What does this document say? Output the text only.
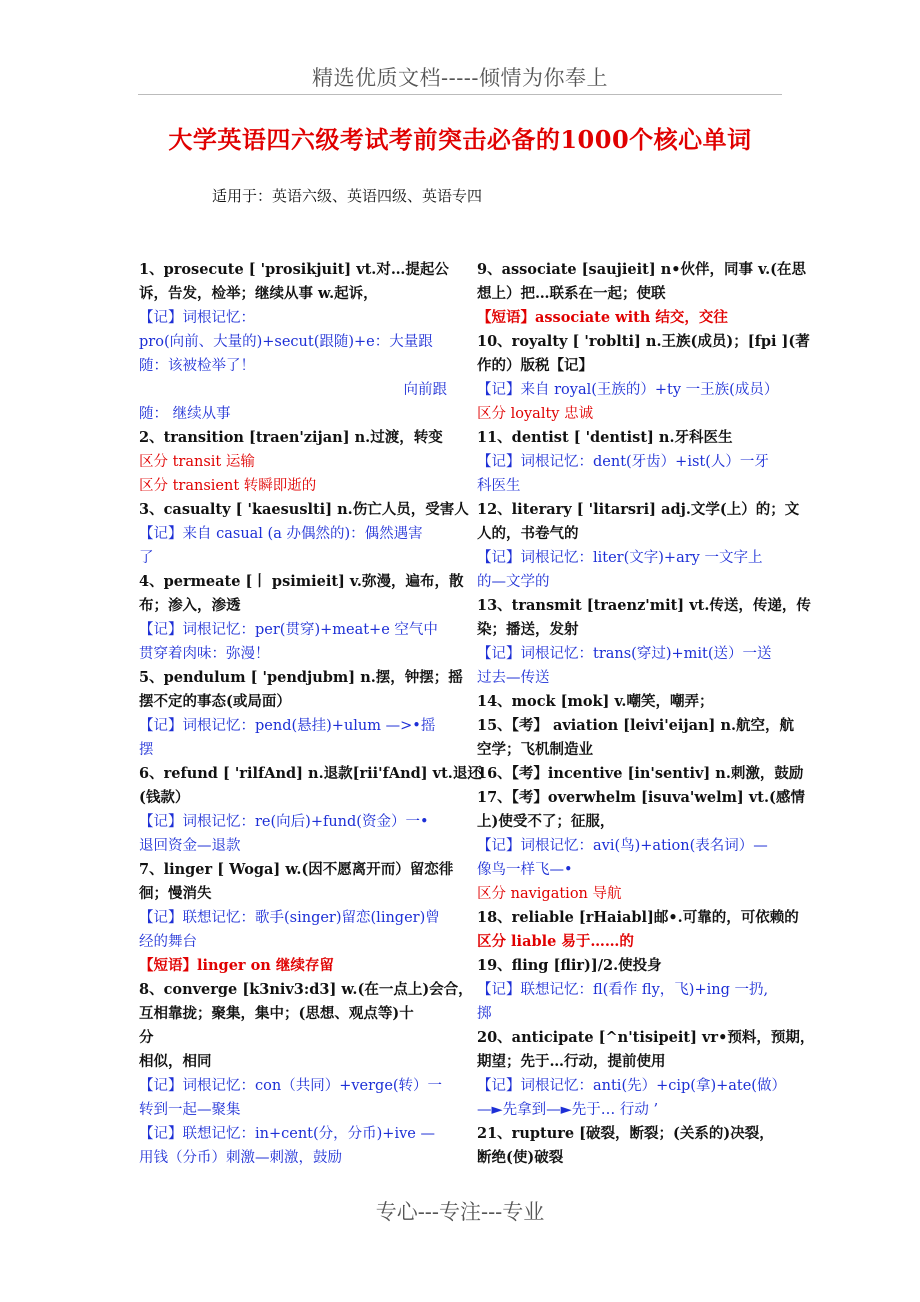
精选优质文档-----倾情为你奉上
大学英语四六级考试考前突击必备的1000个核心单词
适用于：英语六级、英语四级、英语专四
1、prosecute [ 'prosikjuit] vt.对…提起公
诉，告发，检举；继续从事 w.起诉，
【记】词根记忆：
pro(向前、大量的)+secut(跟随)+e：大量跟
随：该被检举了！
向前跟
随： 继续从事
2、transition [traen'zijan] n.过渡，转变
区分 transit 运输
区分 transient 转瞬即逝的
3、casualty [ 'kaesuslti] n.伤亡人员，受害人
【记】来自 casual (a 办偶然的)：偶然遇害
了
4、permeate [丨 psimieit] v.弥漫，遍布，散
布；渗入，渗透
【记】词根记忆：per(贯穿)+meat+e 空气中
贯穿着肉味：弥漫！
5、pendulum [ 'pendjubm] n.摆，钟摆；摇
摆不定的事态(或局面）
【记】词根记忆：pend(悬挂)+ulum —>•摇
摆
6、refund [ 'rilfAnd] n.退款[rii'fAnd] vt.退还
(钱款）
【记】词根记忆：re(向后)+fund(资金）一•
退回资金—退款
7、linger [ Woga] w.(因不愿离开而）留恋徘
徊；慢消失
【记】联想记忆：歌手(singer)留恋(linger)曾
经的舞台
【短语】linger on 继续存留
8、converge [k3niv3:d3] w.(在一点上)会合，
互相靠拢；聚集，集中；(思想、观点等)十
分
相似，相同
【记】词根记忆：con（共同）+verge(转）一
转到一起—聚集
【记】联想记忆：in+cent(分，分币)+ive —
用钱（分币）刺激—刺激，鼓励
9、associate [saujieit] n•伙伴，同事 v.(在思
想上）把…联系在一起；使联
【短语】associate with 结交，交往
10、royalty [ 'roblti] n.王族(成员)；[fpi ](著
作的）版税【记】
【记】来自 royal(王族的）+ty 一王族(成员）
区分 loyalty 忠诚
11、dentist [ 'dentist] n.牙科医生
【记】词根记忆：dent(牙齿）+ist(人）一牙
科医生
12、literary [ 'litarsri] adj.文学(上）的；文
人的，书卷气的
【记】词根记忆：liter(文字)+ary 一文字上
的—文学的
13、transmit [traenz'mit] vt.传送，传递，传
染；播送，发射
【记】词根记忆：trans(穿过)+mit(送）一送
过去—传送
14、mock [mok] v.嘲笑，嘲弄；
15、【考】 aviation [leivi'eijan] n.航空，航
空学；飞机制造业
16、【考】incentive [in'sentiv] n.刺激，鼓励
17、【考】overwhelm [isuva'welm] vt.(感情
上)使受不了；征服，
【记】词根记忆：avi(鸟)+ation(表名词）—
像鸟一样飞—•
区分 navigation 导航
18、reliable [rHaiabl]邮•.可靠的，可依赖的
区分 liable 易于……的
19、fling [flir)]/2.使投身
【记】联想记忆：fl(看作 fly，飞)+ing 一扔,
掷
20、anticipate [^n'tisipeit] vr•预料，预期，
期望；先于…行动，提前使用
【记】词根记忆：anti(先）+cip(拿)+ate(做）
—►先拿到—►先于… 行动 ’
21、rupture [破裂，断裂；(关系的)决裂，
断绝(使)破裂
专心---专注---专业
